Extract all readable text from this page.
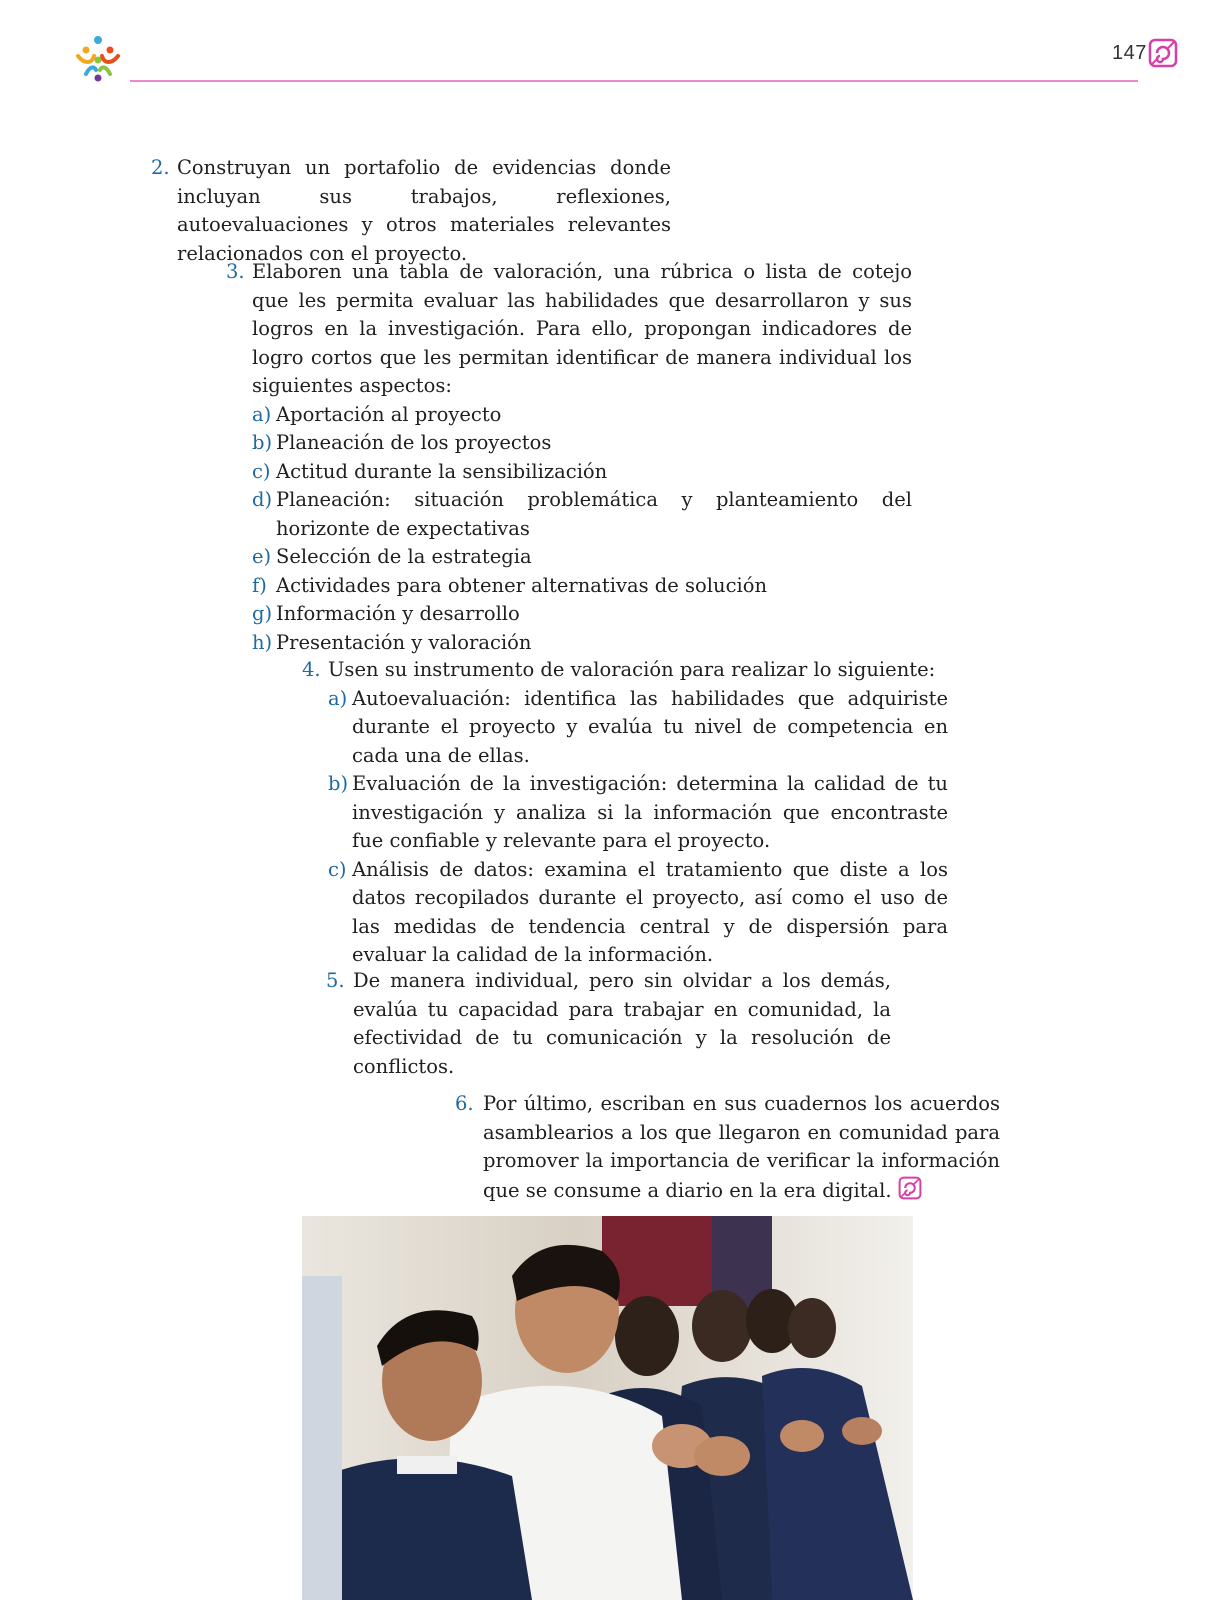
147
2. Construyan un portafolio de evidencias donde incluyan sus trabajos, reflexiones, autoevaluaciones y otros materiales relevantes relacionados con el proyecto.
3. Elaboren una tabla de valoración, una rúbrica o lista de cotejo que les permita evaluar las habilidades que desarrollaron y sus logros en la investigación. Para ello, propongan indicadores de logro cortos que les permitan identificar de manera individual los siguientes aspectos:
a) Aportación al proyecto
b) Planeación de los proyectos
c) Actitud durante la sensibilización
d) Planeación: situación problemática y planteamiento del horizonte de expectativas
e) Selección de la estrategia
f) Actividades para obtener alternativas de solución
g) Información y desarrollo
h) Presentación y valoración
4. Usen su instrumento de valoración para realizar lo siguiente:
a) Autoevaluación: identifica las habilidades que adquiriste durante el proyecto y evalúa tu nivel de competencia en cada una de ellas.
b) Evaluación de la investigación: determina la calidad de tu investigación y analiza si la información que encontraste fue confiable y relevante para el proyecto.
c) Análisis de datos: examina el tratamiento que diste a los datos recopilados durante el proyecto, así como el uso de las medidas de tendencia central y de dispersión para evaluar la calidad de la información.
5. De manera individual, pero sin olvidar a los demás, evalúa tu capacidad para trabajar en comunidad, la efectividad de tu comunicación y la resolución de conflictos.
6. Por último, escriban en sus cuadernos los acuerdos asamblearios a los que llegaron en comunidad para promover la importancia de verificar la información que se consume a diario en la era digital.
